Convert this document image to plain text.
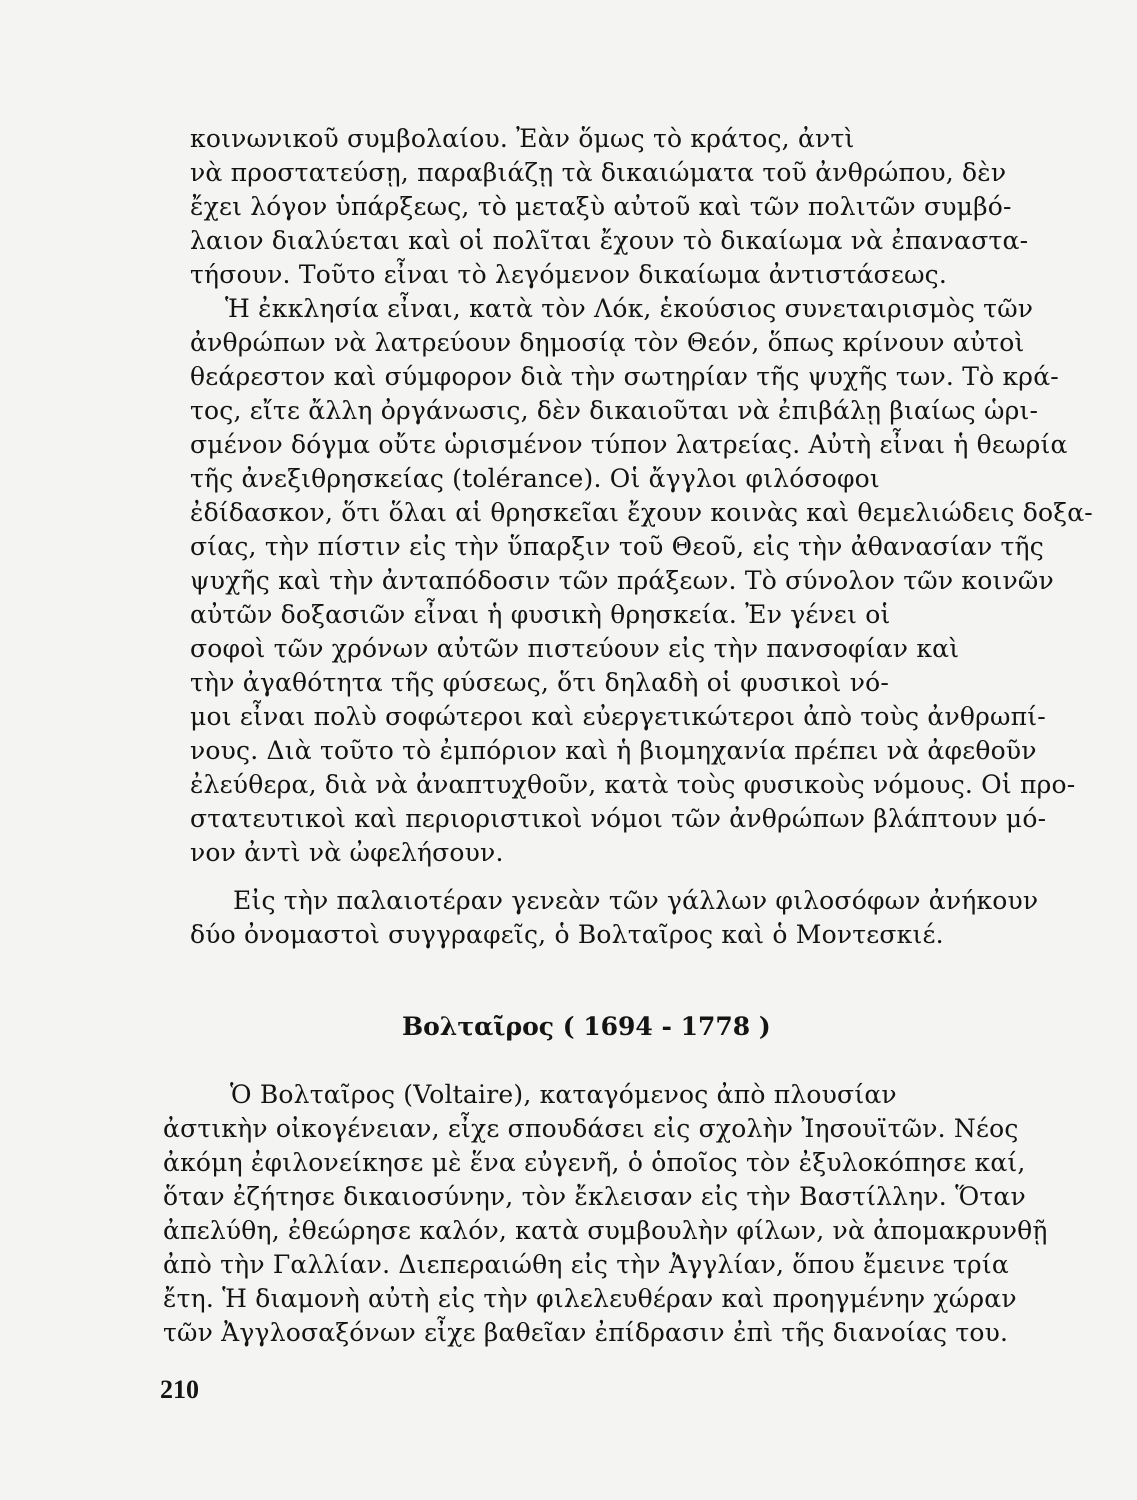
κοινωνικοῦ συμβολαίου. Ἐὰν ὅμως τὸ κράτος, ἀντὶ
νὰ προστατεύσῃ, παραβιάζῃ τὰ δικαιώματα τοῦ ἀνθρώπου, δὲν
ἔχει λόγον ὑπάρξεως, τὸ μεταξὺ αὐτοῦ καὶ τῶν πολιτῶν συμβό-
λαιον διαλύεται καὶ οἱ πολῖται ἔχουν τὸ δικαίωμα νὰ ἐπαναστα-
τήσουν. Τοῦτο εἶναι τὸ λεγόμενον δικαίωμα ἀντιστάσεως.
Ἡ ἐκκλησία εἶναι, κατὰ τὸν Λόκ, ἑκούσιος συνεταιρισμὸς τῶν
ἀνθρώπων νὰ λατρεύουν δημοσίᾳ τὸν Θεόν, ὅπως κρίνουν αὐτοὶ
θεάρεστον καὶ σύμφορον διὰ τὴν σωτηρίαν τῆς ψυχῆς των. Τὸ κρά-
τος, εἴτε ἄλλη ὀργάνωσις, δὲν δικαιοῦται νὰ ἐπιβάλῃ βιαίως ὡρι-
σμένον δόγμα οὔτε ὡρισμένον τύπον λατρείας. Αὐτὴ εἶναι ἡ θεωρία
τῆς ἀνεξιθρησκείας (tolérance). Οἱ ἄγγλοι φιλόσοφοι
ἐδίδασκον, ὅτι ὅλαι αἱ θρησκεῖαι ἔχουν κοινὰς καὶ θεμελιώδεις δοξα-
σίας, τὴν πίστιν εἰς τὴν ὕπαρξιν τοῦ Θεοῦ, εἰς τὴν ἀθανασίαν τῆς
ψυχῆς καὶ τὴν ἀνταπόδοσιν τῶν πράξεων. Τὸ σύνολον τῶν κοινῶν
αὐτῶν δοξασιῶν εἶναι ἡ φυσικὴ θρησκεία. Ἐν γένει οἱ
σοφοὶ τῶν χρόνων αὐτῶν πιστεύουν εἰς τὴν πανσοφίαν καὶ
τὴν ἀγαθότητα τῆς φύσεως, ὅτι δηλαδὴ οἱ φυσικοὶ νό-
μοι εἶναι πολὺ σοφώτεροι καὶ εὐεργετικώτεροι ἀπὸ τοὺς ἀνθρωπί-
νους. Διὰ τοῦτο τὸ ἐμπόριον καὶ ἡ βιομηχανία πρέπει νὰ ἀφεθοῦν
ἐλεύθερα, διὰ νὰ ἀναπτυχθοῦν, κατὰ τοὺς φυσικοὺς νόμους. Οἱ προ-
στατευτικοὶ καὶ περιοριστικοὶ νόμοι τῶν ἀνθρώπων βλάπτουν μό-
νον ἀντὶ νὰ ὠφελήσουν.
Εἰς τὴν παλαιοτέραν γενεὰν τῶν γάλλων φιλοσόφων ἀνήκουν
δύο ὀνομαστοὶ συγγραφεῖς, ὁ Βολταῖρος καὶ ὁ Μοντεσκιέ.
Βολταῖρος ( 1694 - 1778 )
Ὁ Βολταῖρος (Voltaire), καταγόμενος ἀπὸ πλουσίαν
ἀστικὴν οἰκογένειαν, εἶχε σπουδάσει εἰς σχολὴν Ἰησουϊτῶν. Νέος
ἀκόμη ἐφιλονείκησε μὲ ἕνα εὐγενῆ, ὁ ὁποῖος τὸν ἐξυλοκόπησε καί,
ὅταν ἐζήτησε δικαιοσύνην, τὸν ἔκλεισαν εἰς τὴν Βαστίλλην. Ὅταν
ἀπελύθη, ἐθεώρησε καλόν, κατὰ συμβουλὴν φίλων, νὰ ἀπομακρυνθῇ
ἀπὸ τὴν Γαλλίαν. Διεπεραιώθη εἰς τὴν Ἀγγλίαν, ὅπου ἔμεινε τρία
ἔτη. Ἡ διαμονὴ αὐτὴ εἰς τὴν φιλελευθέραν καὶ προηγμένην χώραν
τῶν Ἀγγλοσαξόνων εἶχε βαθεῖαν ἐπίδρασιν ἐπὶ τῆς διανοίας του.
210
